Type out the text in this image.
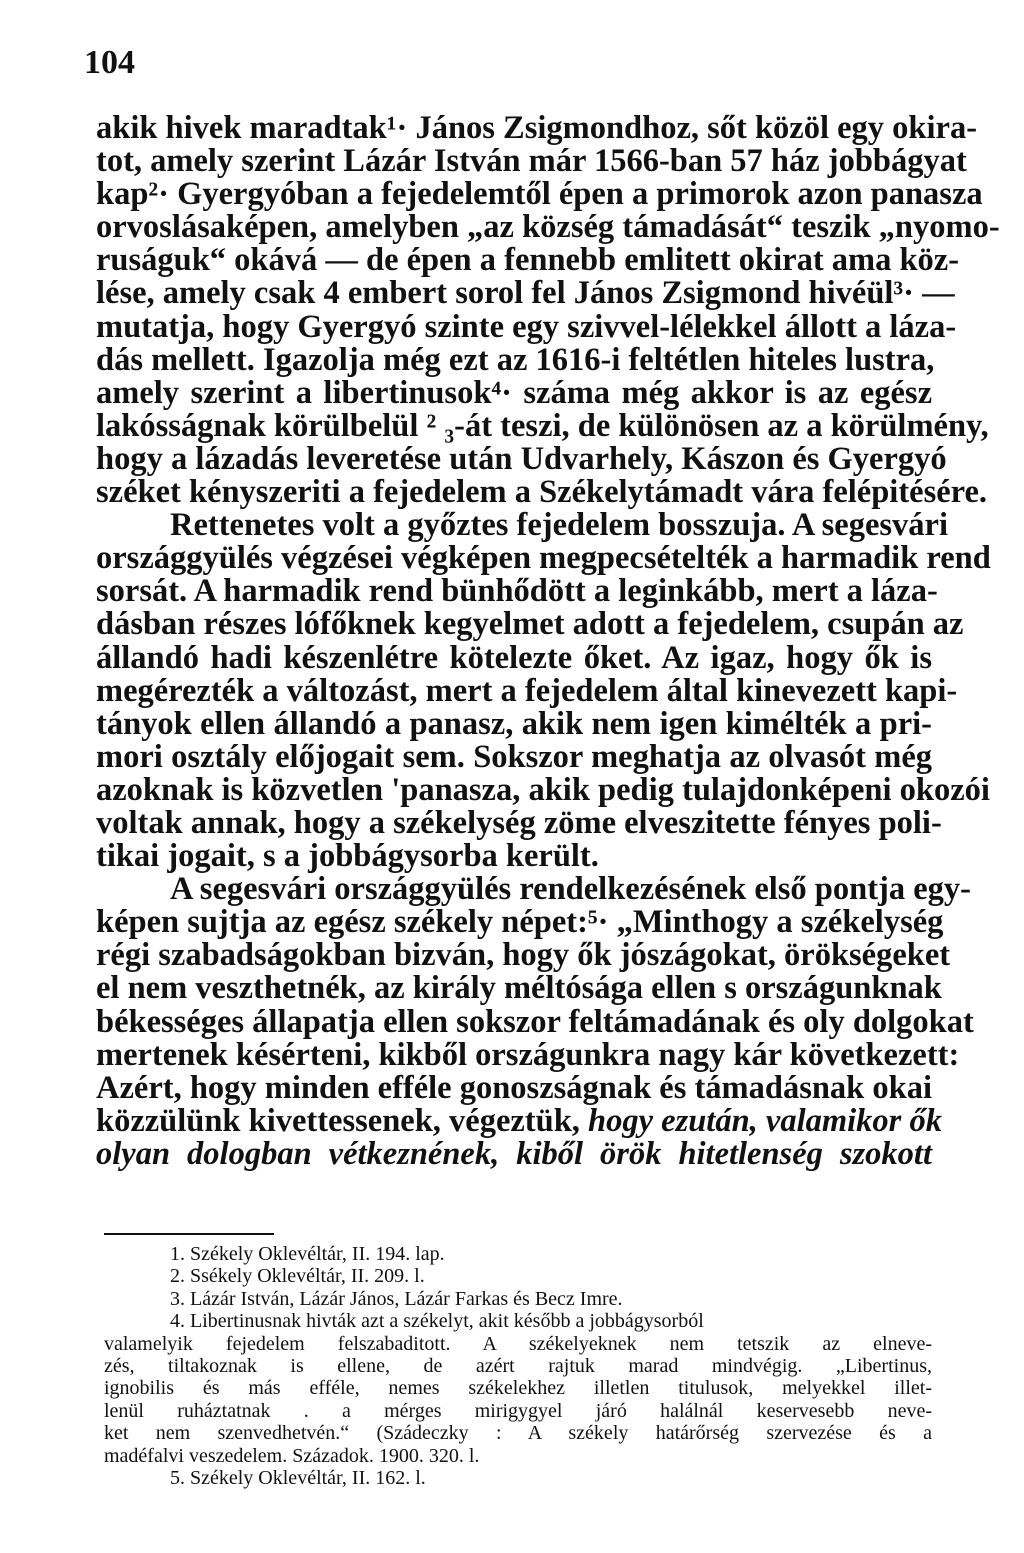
104
akik hivek maradtak¹· János Zsigmondhoz, sőt közöl egy okira-
tot, amely szerint Lázár István már 1566-ban 57 ház jobbágyat
kap²· Gyergyóban a fejedelemtől épen a primorok azon panasza
orvoslásaképen, amelyben „az község támadását“ teszik „nyomo-
ruságuk“ okává — de épen a fennebb emlitett okirat ama köz-
lése, amely csak 4 embert sorol fel János Zsigmond hivéül³· —
mutatja, hogy Gyergyó szinte egy szivvel-lélekkel állott a láza-
dás mellett. Igazolja még ezt az 1616-i feltétlen hiteles lustra,
amely szerint a libertinusok⁴· száma még akkor is az egész
lakósságnak körülbelül ² ₃-át teszi, de különösen az a körülmény,
hogy a lázadás leveretése után Udvarhely, Kászon és Gyergyó
széket kényszeriti a fejedelem a Székelytámadt vára felépitésére.
Rettenetes volt a győztes fejedelem bosszuja. A segesvári
országgyülés végzései végképen megpecsételték a harmadik rend
sorsát. A harmadik rend bünhődött a leginkább, mert a láza-
dásban részes lófőknek kegyelmet adott a fejedelem, csupán az
állandó hadi készenlétre kötelezte őket. Az igaz, hogy ők is
megérezték a változást, mert a fejedelem által kinevezett kapi-
tányok ellen állandó a panasz, akik nem igen kimélték a pri-
mori osztály előjogait sem. Sokszor meghatja az olvasót még
azoknak is közvetlen 'panasza, akik pedig tulajdonképeni okozói
voltak annak, hogy a székelység zöme elveszitette fényes poli-
tikai jogait, s a jobbágysorba került.
A segesvári országgyülés rendelkezésének első pontja egy-
képen sujtja az egész székely népet:⁵· „Minthogy a székelység
régi szabadságokban bizván, hogy ők jószágokat, örökségeket
el nem veszthetnék, az király méltósága ellen s országunknak
békességes állapatja ellen sokszor feltámadának és oly dolgokat
mertenek késérteni, kikből országunkra nagy kár következett:
Azért, hogy minden efféle gonoszságnak és támadásnak okai
közzülünk kivettessenek, végeztük, hogy ezután, valamikor ők
olyan dologban vétkeznének, kiből örök hitetlenség szokott
1. Székely Oklevéltár, II. 194. lap.
2. Ssékely Oklevéltár, II. 209. l.
3. Lázár István, Lázár János, Lázár Farkas és Becz Imre.
4. Libertinusnak hivták azt a székelyt, akit később a jobbágysorból
valamelyik fejedelem felszabaditott. A székelyeknek nem tetszik az elneve-
zés, tiltakoznak is ellene, de azért rajtuk marad mindvégig. „Libertinus,
ignobilis és más efféle, nemes székelekhez illetlen titulusok, melyekkel illet-
lenül ruháztatnak . a mérges mirigygyel járó halálnál keservesebb neve-
ket nem szenvedhetvén.“ (Szádeczky : A székely határőrség szervezése és a
madéfalvi veszedelem. Századok. 1900. 320. l.
5. Székely Oklevéltár, II. 162. l.
